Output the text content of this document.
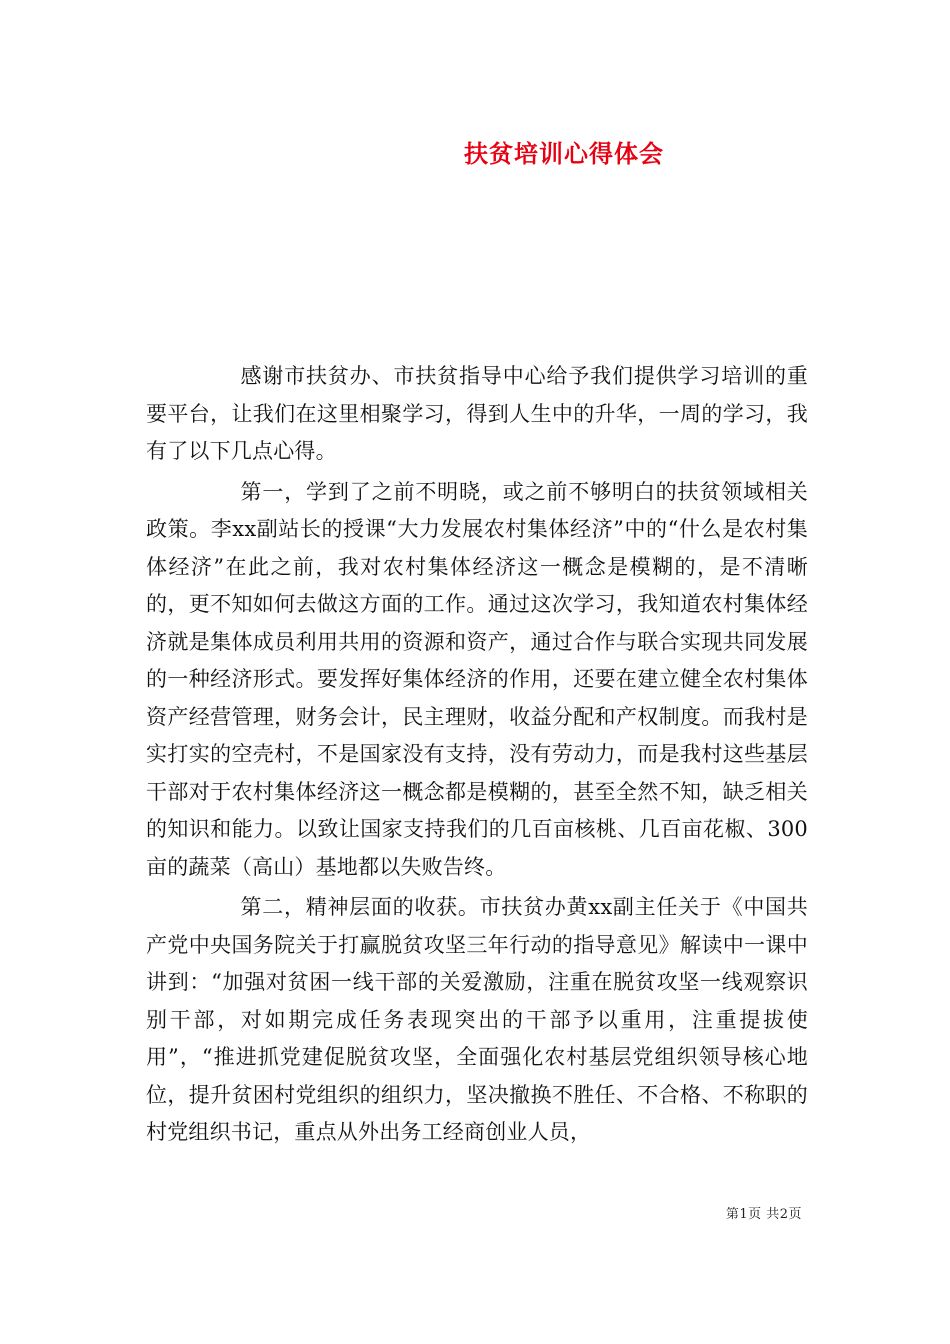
扶贫培训心得体会

感谢市扶贫办、市扶贫指导中心给予我们提供学习培训的重要平台，让我们在这里相聚学习，得到人生中的升华，一周的学习，我有了以下几点心得。

第一，学到了之前不明晓，或之前不够明白的扶贫领域相关政策。李xx副站长的授课“大力发展农村集体经济”中的“什么是农村集体经济”在此之前，我对农村集体经济这一概念是模糊的，是不清晰的，更不知如何去做这方面的工作。通过这次学习，我知道农村集体经济就是集体成员利用共用的资源和资产，通过合作与联合实现共同发展的一种经济形式。要发挥好集体经济的作用，还要在建立健全农村集体资产经营管理，财务会计，民主理财，收益分配和产权制度。而我村是实打实的空壳村，不是国家没有支持，没有劳动力，而是我村这些基层干部对于农村集体经济这一概念都是模糊的，甚至全然不知，缺乏相关的知识和能力。以致让国家支持我们的几百亩核桃、几百亩花椒、300亩的蔬菜（高山）基地都以失败告终。

第二，精神层面的收获。市扶贫办黄xx副主任关于《中国共产党中央国务院关于打赢脱贫攻坚三年行动的指导意见》解读中一课中讲到：“加强对贫困一线干部的关爱激励，注重在脱贫攻坚一线观察识别干部，对如期完成任务表现突出的干部予以重用，注重提拔使用”，“推进抓党建促脱贫攻坚，全面强化农村基层党组织领导核心地位，提升贫困村党组织的组织力，坚决撤换不胜任、不合格、不称职的村党组织书记，重点从外出务工经商创业人员，

第1页 共2页
